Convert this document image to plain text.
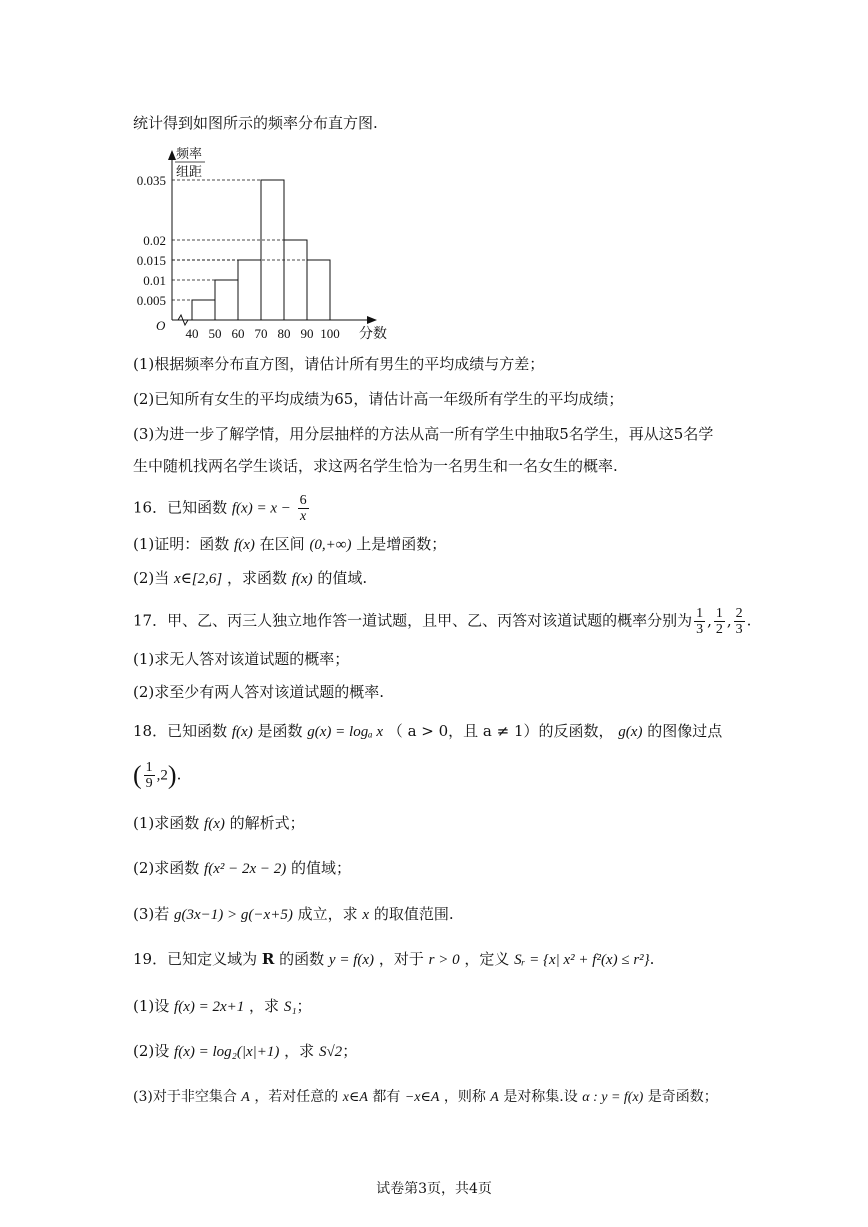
统计得到如图所示的频率分布直方图.
0.035
0.02
0.015
0.01
0.005
40 50 60 70 80 90 100
O
分数
频率
组距
(1)根据频率分布直方图，请估计所有男生的平均成绩与方差；
(2)已知所有女生的平均成绩为65，请估计高一年级所有学生的平均成绩；
(3)为进一步了解学情，用分层抽样的方法从高一所有学生中抽取5名学生，再从这5名学
生中随机找两名学生谈话，求这两名学生恰为一名男生和一名女生的概率.
16．已知函数 $f(x) = x - \frac{6}{x}$
(1)证明：函数 f(x) 在区间 (0,+∞) 上是增函数；
(2)当 x∈[2,6] ，求函数 f(x) 的值域.
17．甲、乙、丙三人独立地作答一道试题，且甲、乙、丙答对该道试题的概率分别为 $\frac{1}{3}$ , $\frac{1}{2}$ , $\frac{2}{3}$ .
(1)求无人答对该道试题的概率；
(2)求至少有两人答对该道试题的概率.
18．已知函数 f(x) 是函数 g(x) = logₐ x （ a > 0，且 a ≠ 1）的反函数， g(x) 的图像过点
( $\frac{1}{9} ,2$).
(1)求函数 f(x) 的解析式；
(2)求函数 f(x² − 2x − 2) 的值域；
(3)若 g(3x−1) > g(−x+5) 成立，求 x 的取值范围.
19．已知定义域为 R 的函数 y = f(x) ，对于 r > 0 ，定义 Sᵣ = {x| x² + f²(x) ≤ r²}.
(1)设 f(x) = 2x+1 ，求 S₁；
(2)设 f(x) = log₂(|x|+1) ，求 S√2；
(3)对于非空集合 A ，若对任意的 x∈A 都有 −x∈A ，则称 A 是对称集.设 α : y = f(x) 是奇函数；
试卷第3页，共4页
